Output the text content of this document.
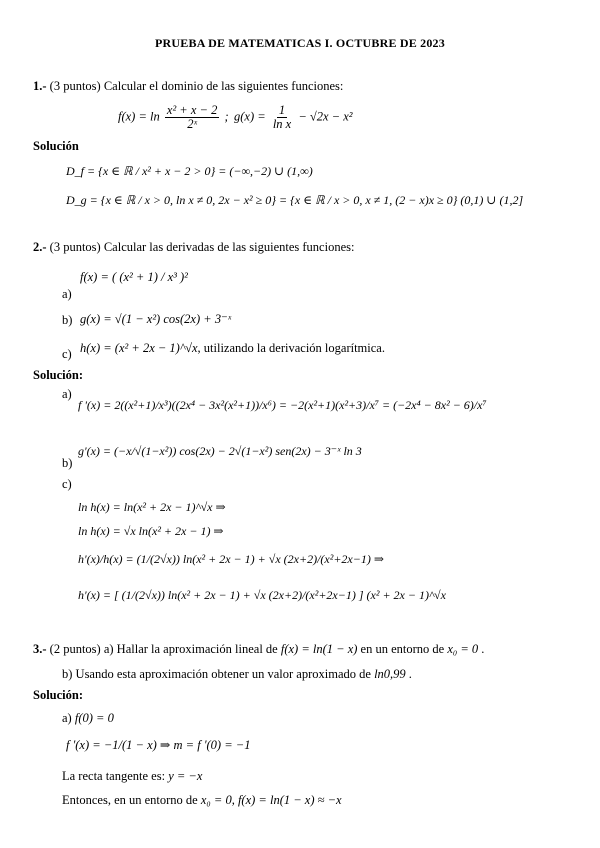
PRUEBA DE MATEMATICAS I. OCTUBRE DE 2023
1.- (3 puntos) Calcular el dominio de las siguientes funciones:
$f(x) = \ln \frac{\text{x² + x − 2}}{\text{2ˣ}}$ ; $g(x) = \frac{1}{\text{ln x}} - √2x - x^2$
Solución
D_f = {x ∈ ℝ / x² + x − 2 > 0} = (−∞,−2) ∪ (1,∞)
D_g = {x ∈ ℝ / x > 0, ln x ≠ 0, 2x − x² ≥ 0} = {x ∈ ℝ / x > 0, x ≠ 1, (2 − x)x ≥ 0} (0,1) ∪ (1,2]
2.- (3 puntos) Calcular las derivadas de las siguientes funciones:
a)
f(x) = ( (x² + 1) / x³ )²
b) g(x) = √(1 − x²) cos(2x) + 3⁻ˣ
c) h(x) = (x² + 2x − 1)^√x, utilizando la derivación logarítmica.
Solución:
a)
f '(x) = 2((x²+1)/x³)((2x⁴ − 3x²(x²+1))/x⁶) = −2(x²+1)(x²+3)/x⁷ = (−2x⁴ − 8x² − 6)/x⁷
b)
g'(x) = (−x/√(1−x²)) cos(2x) − 2√(1−x²) sen(2x) − 3⁻ˣ ln 3
c)
ln h(x) = ln(x² + 2x − 1)^√x ⇒
ln h(x) = √x ln(x² + 2x − 1) ⇒
h'(x)/h(x) = (1/(2√x)) ln(x² + 2x − 1) + √x (2x+2)/(x²+2x−1) ⇒
h'(x) = [ (1/(2√x)) ln(x² + 2x − 1) + √x (2x+2)/(x²+2x−1) ] (x² + 2x − 1)^√x
3.- (2 puntos) a) Hallar la aproximación lineal de f(x) = ln(1 − x) en un entorno de x₀ = 0 .
b) Usando esta aproximación obtener un valor aproximado de ln0,99 .
Solución:
a) f(0) = 0
f '(x) = −1/(1 − x) ⇒ m = f '(0) = −1
La recta tangente es: y = −x
Entonces, en un entorno de x₀ = 0, f(x) = ln(1 − x) ≈ −x
